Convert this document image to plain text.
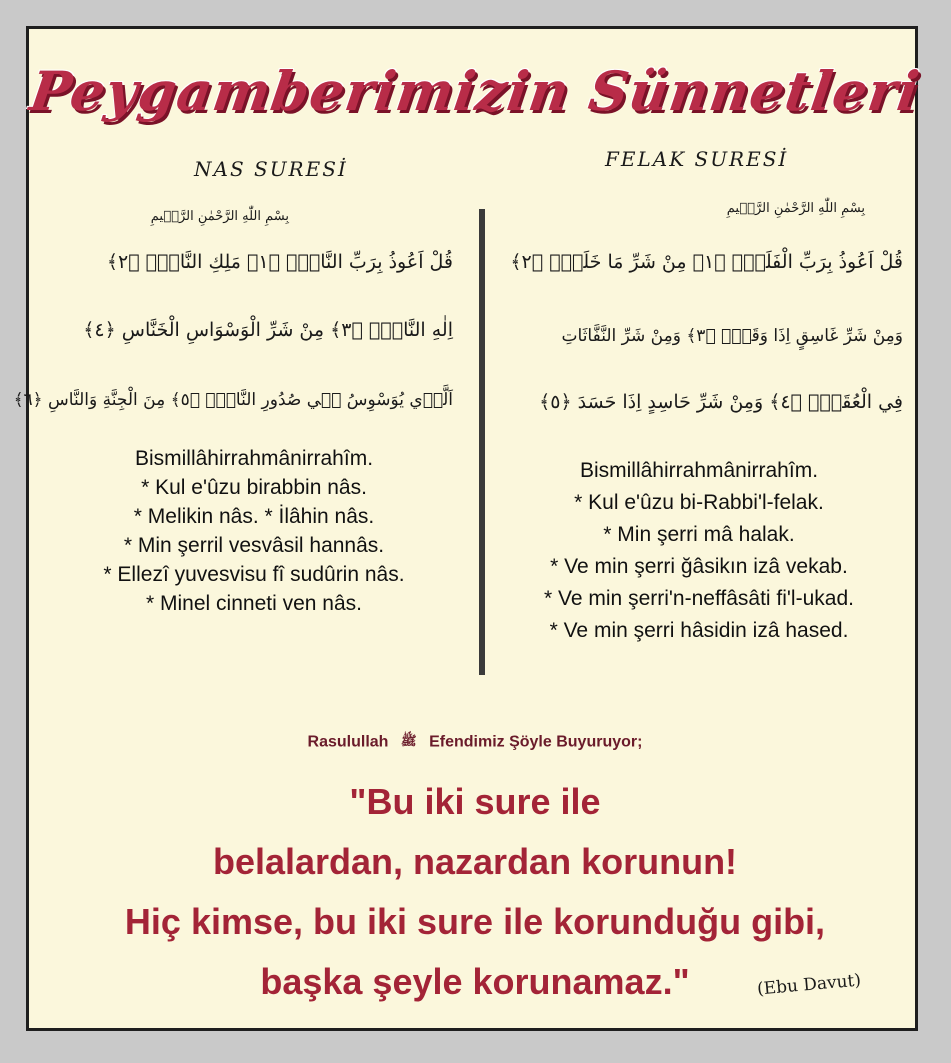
Peygamberimizin Sünnetleri
NAS SURESİ
بِسْمِ اللّٰهِ الرَّحْمٰنِ الرَّح۪يمِ
قُلْ اَعُوذُ بِرَبِّ النَّاسِۙ ﴿١﴾ مَلِكِ النَّاسِۙ ﴿٢﴾
اِلٰهِ النَّاسِۙ ﴿٣﴾ مِنْ شَرِّ الْوَسْوَاسِ الْخَنَّاسِ ﴿٤﴾
اَلَّذ۪ي يُوَسْوِسُ ف۪ي صُدُورِ النَّاسِۙ ﴿٥﴾ مِنَ الْجِنَّةِ وَالنَّاسِ ﴿٦﴾
Bismillâhirrahmânirrahîm.
* Kul e'ûzu birabbin nâs.
* Melikin nâs. * İlâhin nâs.
* Min şerril vesvâsil hannâs.
* Ellezî yuvesvisu fî sudûrin nâs.
* Minel cinneti ven nâs.
FELAK SURESİ
بِسْمِ اللّٰهِ الرَّحْمٰنِ الرَّح۪يمِ
قُلْ اَعُوذُ بِرَبِّ الْفَلَقِۙ ﴿١﴾ مِنْ شَرِّ مَا خَلَقَۙ ﴿٢﴾
وَمِنْ شَرِّ غَاسِقٍ اِذَا وَقَبَۙ ﴿٣﴾ وَمِنْ شَرِّ النَّفَّاثَاتِ
فِي الْعُقَدِۙ ﴿٤﴾ وَمِنْ شَرِّ حَاسِدٍ اِذَا حَسَدَ ﴿٥﴾
Bismillâhirrahmânirrahîm.
* Kul e'ûzu bi-Rabbi'l-felak.
* Min şerri mâ halak.
* Ve min şerri ğâsikın izâ vekab.
* Ve min şerri'n-neffâsâti fi'l-ukad.
* Ve min şerri hâsidin izâ hased.
Rasulullah ﷺ Efendimiz Şöyle Buyuruyor;
"Bu iki sure ile
belalardan, nazardan korunun!
Hiç kimse, bu iki sure ile korunduğu gibi,
başka şeyle korunamaz."	(Ebu Davut)
